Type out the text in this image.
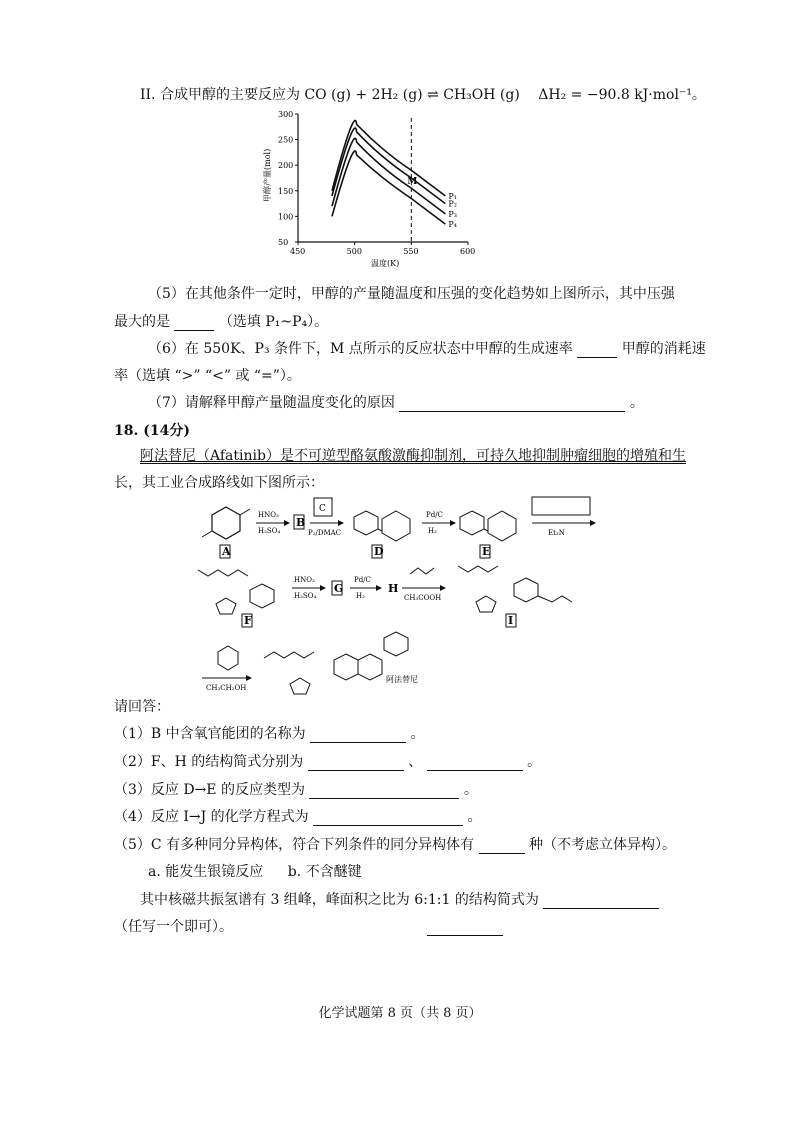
II. 合成甲醇的主要反应为 CO (g) + 2H₂ (g) ⇌ CH₃OH (g) ΔH₂ = −90.8 kJ·mol⁻¹。
450	500	550	600
50
100
150
200
250
300
温度(K)
甲醇产量(mol)	P₁
P₂
P₃
P₄
M
（5）在其他条件一定时，甲醇的产量随温度和压强的变化趋势如上图所示，其中压强
最大的是	（选填 P₁~P₄）。
（6）在 550K、P₃ 条件下，M 点所示的反应状态中甲醇的生成速率	甲醇的消耗速
率（选填 “>” “<” 或 “=”）。
（7）请解释甲醇产量随温度变化的原因	。
18. (14分)
阿法替尼（Afatinib）是不可逆型酪氨酸激酶抑制剂，可持久地抑制肿瘤细胞的增殖和生
长，其工业合成路线如下图所示：
A
HNO₃
H₂SO₄
B
C
P₂/DMAC
D
Pd/C
H₂
E
Et₃N
F
HNO₃
H₂SO₄
G
Pd/C
H₂
H
CH₃COOH
I
CH₃CH₂OH
阿法替尼
请回答：
（1）B 中含氧官能团的名称为	。
（2）F、H 的结构简式分别为	、	。
（3）反应 D→E 的反应类型为	。
（4）反应 I→J 的化学方程式为	。
（5）C 有多种同分异构体，符合下列条件的同分异构体有	种（不考虑立体异构）。
a. 能发生银镜反应 b. 不含醚键
其中核磁共振氢谱有 3 组峰，峰面积之比为 6:1:1 的结构简式为
（任写一个即可）。
化学试题第 8 页（共 8 页）
